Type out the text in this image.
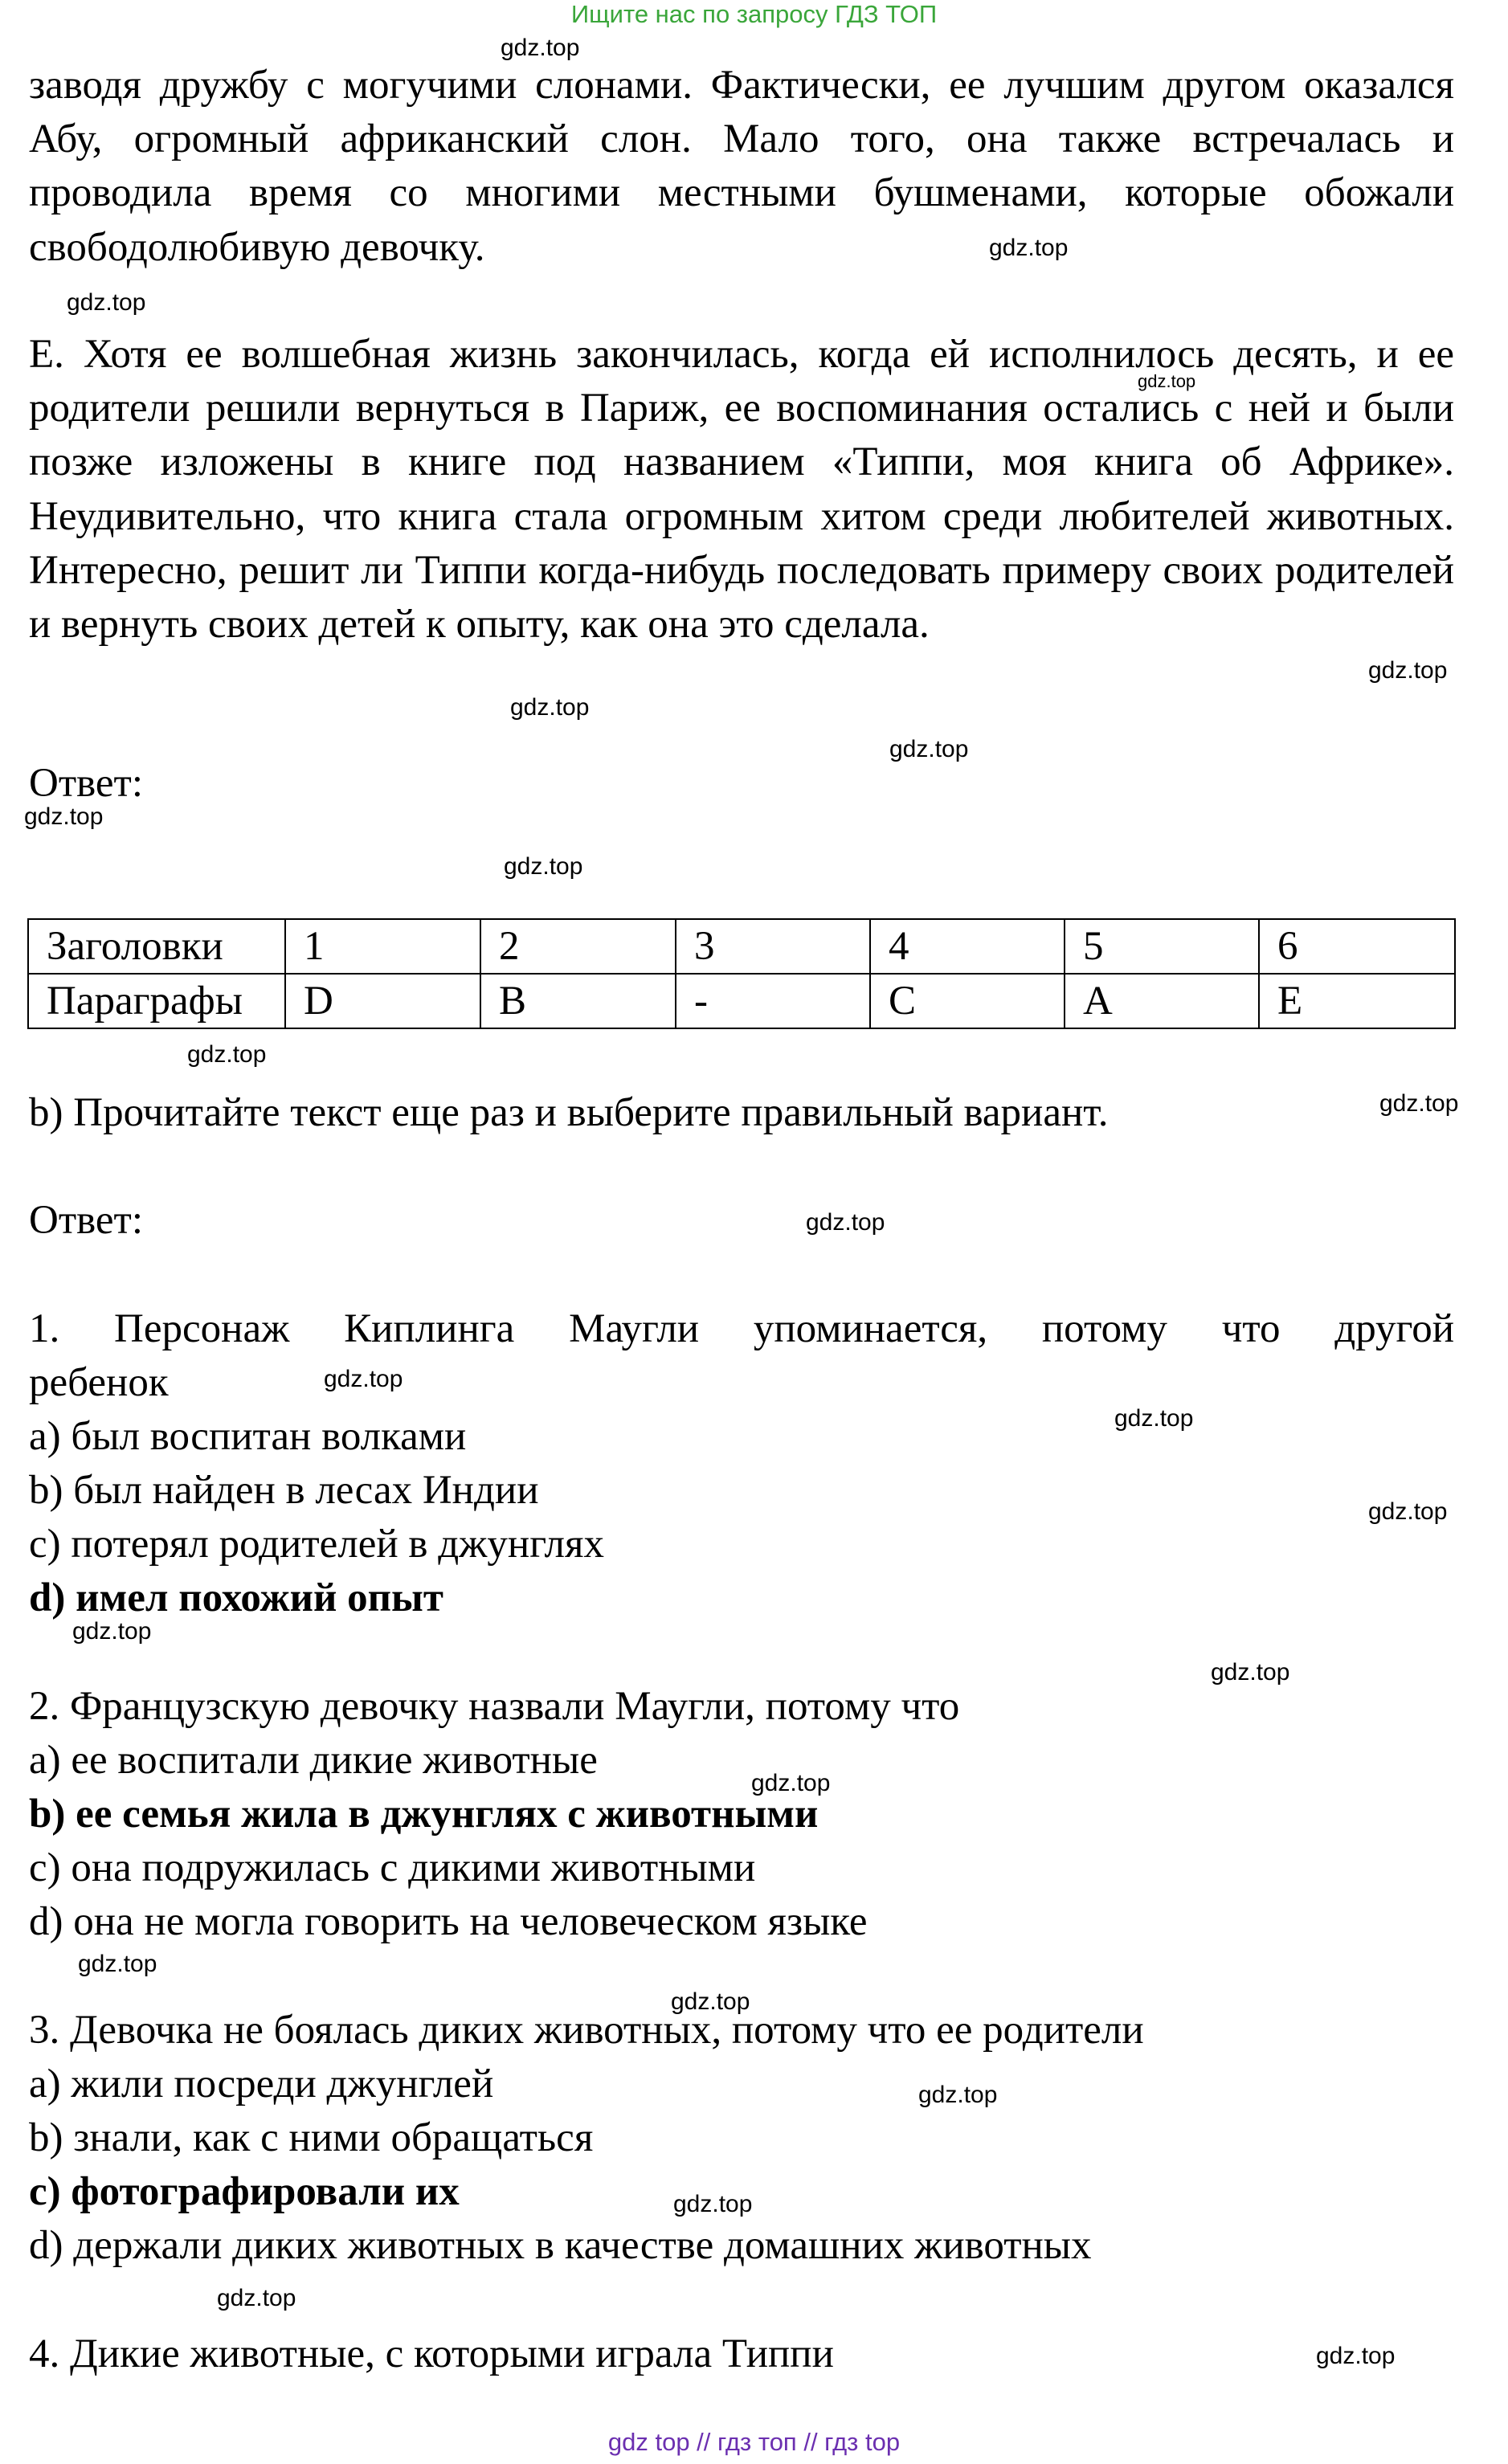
Ищите нас по запросу ГДЗ ТОП

заводя дружбу с могучими слонами. Фактически, ее лучшим другом оказался Абу, огромный африканский слон. Мало того, она также встречалась и проводила время со многими местными бушменами, которые обожали свободолюбивую девочку.

E. Хотя ее волшебная жизнь закончилась, когда ей исполнилось десять, и ее родители решили вернуться в Париж, ее воспоминания остались с ней и были позже изложены в книге под названием «Типпи, моя книга об Африке». Неудивительно, что книга стала огромным хитом среди любителей животных. Интересно, решит ли Типпи когда-нибудь последовать примеру своих родителей и вернуть своих детей к опыту, как она это сделала.

Ответ:
Заголовки	1	2	3	4	5	6
Параграфы	D	B	-	C	A	E
b) Прочитайте текст еще раз и выберите правильный вариант.
Ответ:
1. Персонаж Киплинга Маугли упоминается, потому что другой
ребенок
a) был воспитан волками
b) был найден в лесах Индии
c) потерял родителей в джунглях
d) имел похожий опыт
2. Французскую девочку назвали Маугли, потому что
a) ее воспитали дикие животные
b) ее семья жила в джунглях с животными
c) она подружилась с дикими животными
d) она не могла говорить на человеческом языке
3. Девочка не боялась диких животных, потому что ее родители
a) жили посреди джунглей
b) знали, как с ними обращаться
c) фотографировали их
d) держали диких животных в качестве домашних животных
4. Дикие животные, с которыми играла Типпи
gdz.top
gdz.top
gdz.top
gdz.top
gdz.top
gdz.top
gdz.top
gdz.top
gdz.top
gdz.top
gdz.top
gdz.top
gdz.top
gdz.top
gdz.top
gdz.top
gdz.top
gdz.top
gdz.top
gdz.top
gdz.top
gdz.top
gdz.top
gdz.top
gdz top // гдз топ // гдз top
